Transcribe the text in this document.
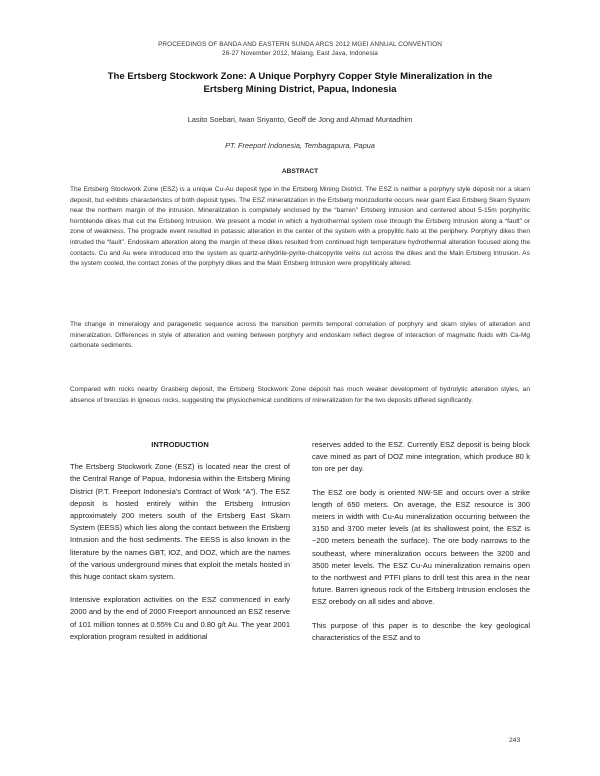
PROCEEDINGS OF BANDA AND EASTERN SUNDA ARCS 2012 MGEI ANNUAL CONVENTION
26-27 November 2012, Malang, East Java, Indonesia
The Ertsberg Stockwork Zone: A Unique Porphyry Copper Style Mineralization in the
Ertsberg Mining District, Papua, Indonesia
Lasito Soebari, Iwan Sriyanto, Geoff de Jong and Ahmad Muntadhim
PT. Freeport Indonesia, Tembagapura, Papua
ABSTRACT

The Ertsberg Stockwork Zone (ESZ) is a unique Cu-Au deposit type in the Ertsberg Mining District. The ESZ is neither a porphyry style deposit nor a skarn deposit, but exhibits characteristics of both deposit types. The ESZ mineralization in the Ertsberg monzodiorite occurs near giant East Ertsberg Skarn System near the northern margin of the intrusion. Mineralization is completely enclosed by the “barren” Ertsberg Intrusion and centered about 5-15m porphyritic hornblende dikes that cut the Ertsberg Intrusion. We present a model in which a hydrothermal system rose through the Ertsberg Intrusion along a “fault” or zone of weakness. The prograde event resulted in potassic alteration in the center of the system with a propylitic halo at the periphery. Porphyry dikes then intruded the “fault”. Endoskarn alteration along the margin of these dikes resulted from continued high temperature hydrothermal alteration focused along the contacts. Cu and Au were introduced into the system as quartz-anhydrite-pyrite-chalcopyrite veins cut across the dikes and the Main Ertsberg Intrusion. As the system cooled, the contact zones of the porphyry dikes and the Main Ertsberg Intrusion were propyliticaly altered.

The change in mineralogy and paragenetic sequence across the transition permits temporal correlation of porphyry and skarn styles of alteration and mineralization. Differences in style of alteration and veining between porphyry and endoskarn reflect degree of interaction of magmatic fluids with Ca-Mg carbonate sediments.

Compared with rocks nearby Grasberg deposit, the Ertsberg Stockwork Zone deposit has much weaker development of hydrolytic alteration styles, an absence of breccias in igneous rocks, suggesting the physiochemical conditions of mineralization for the two deposits differed significantly.

INTRODUCTION

The Ertsberg Stockwork Zone (ESZ) is located near the crest of the Central Range of Papua, Indonesia within the Ertsberg Mining District (P.T. Freeport Indonesia’s Contract of Work “A”). The ESZ deposit is hosted entirely within the Ertsberg Intrusion approximately 200 meters south of the Ertsberg East Skarn System (EESS) which lies along the contact between the Ertsberg Intrusion and the host sediments. The EESS is also known in the literature by the names GBT, IOZ, and DOZ, which are the names of the various underground mines that exploit the metals hosted in this huge contact skarn system.

Intensive exploration activities on the ESZ commenced in early 2000 and by the end of 2000 Freeport announced an ESZ reserve of 101 million tonnes at 0.55% Cu and 0.80 g/t Au. The year 2001 exploration program resulted in additional

reserves added to the ESZ. Currently ESZ deposit is being block cave mined as part of DOZ mine integration, which produce 80 k ton ore per day.

The ESZ ore body is oriented NW-SE and occurs over a strike length of 650 meters. On average, the ESZ resource is 300 meters in width with Cu-Au mineralization occurring between the 3150 and 3700 meter levels (at its shallowest point, the ESZ is ~200 meters beneath the surface). The ore body narrows to the southeast, where mineralization occurs between the 3200 and 3500 meter levels. The ESZ Cu-Au mineralization remains open to the northwest and PTFI plans to drill test this area in the near future. Barren igneous rock of the Ertsberg Intrusion encloses the ESZ orebody on all sides and above.

This purpose of this paper is to describe the key geological characteristics of the ESZ and to

243
